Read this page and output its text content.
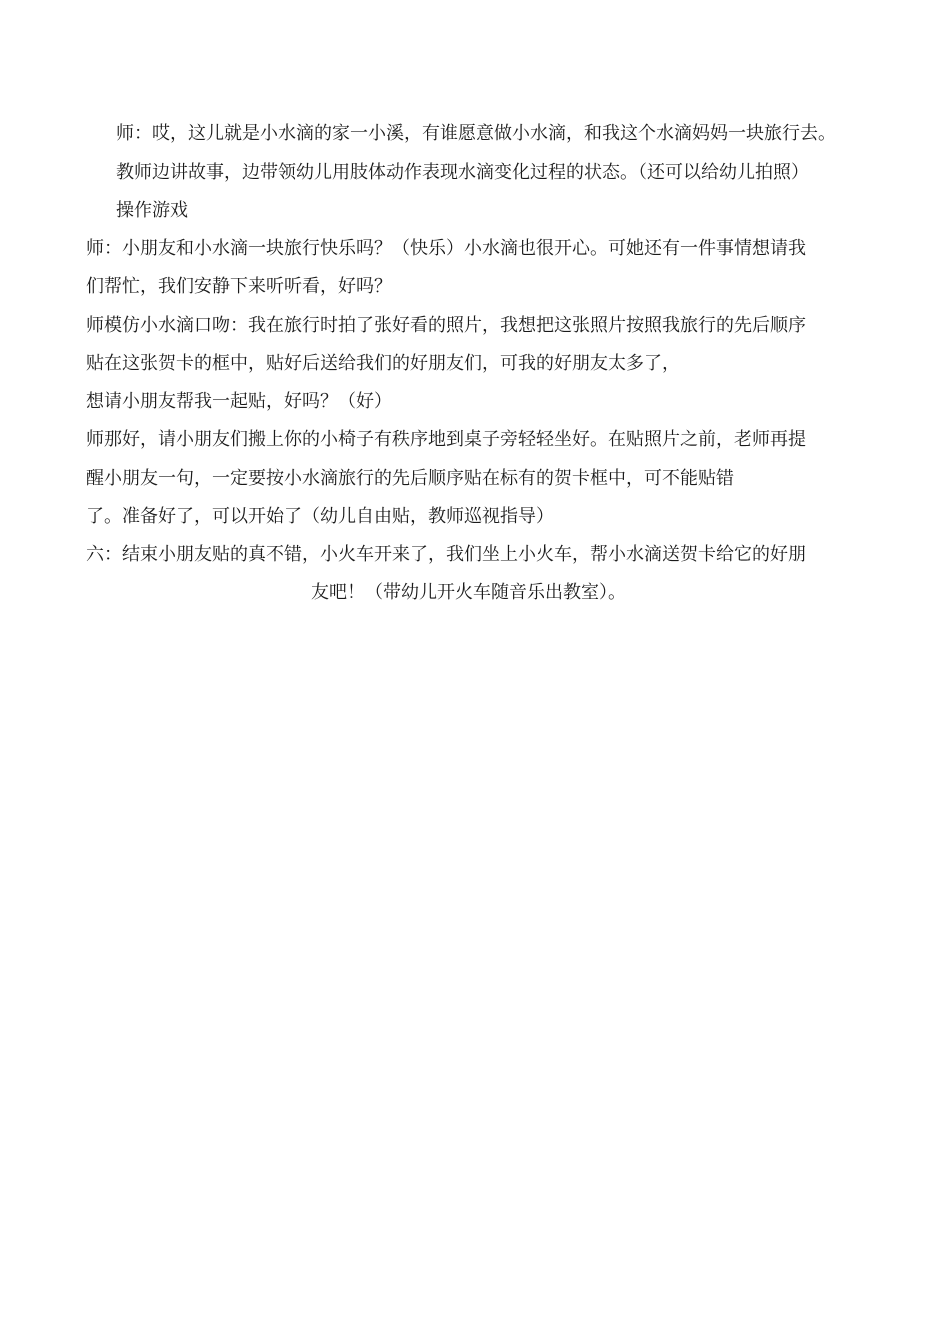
师：哎，这儿就是小水滴的家一小溪，有谁愿意做小水滴，和我这个水滴妈妈一块旅行去。
教师边讲故事，边带领幼儿用肢体动作表现水滴变化过程的状态。（还可以给幼儿拍照）
操作游戏
师：小朋友和小水滴一块旅行快乐吗？（快乐）小水滴也很开心。可她还有一件事情想请我
们帮忙，我们安静下来听听看，好吗？
师模仿小水滴口吻：我在旅行时拍了张好看的照片，我想把这张照片按照我旅行的先后顺序
贴在这张贺卡的框中，贴好后送给我们的好朋友们，可我的好朋友太多了，
想请小朋友帮我一起贴，好吗？（好）
师那好，请小朋友们搬上你的小椅子有秩序地到桌子旁轻轻坐好。在贴照片之前，老师再提
醒小朋友一句，一定要按小水滴旅行的先后顺序贴在标有的贺卡框中，可不能贴错
了。准备好了，可以开始了（幼儿自由贴，教师巡视指导）
六：结束小朋友贴的真不错，小火车开来了，我们坐上小火车，帮小水滴送贺卡给它的好朋
友吧！（带幼儿开火车随音乐出教室）。
